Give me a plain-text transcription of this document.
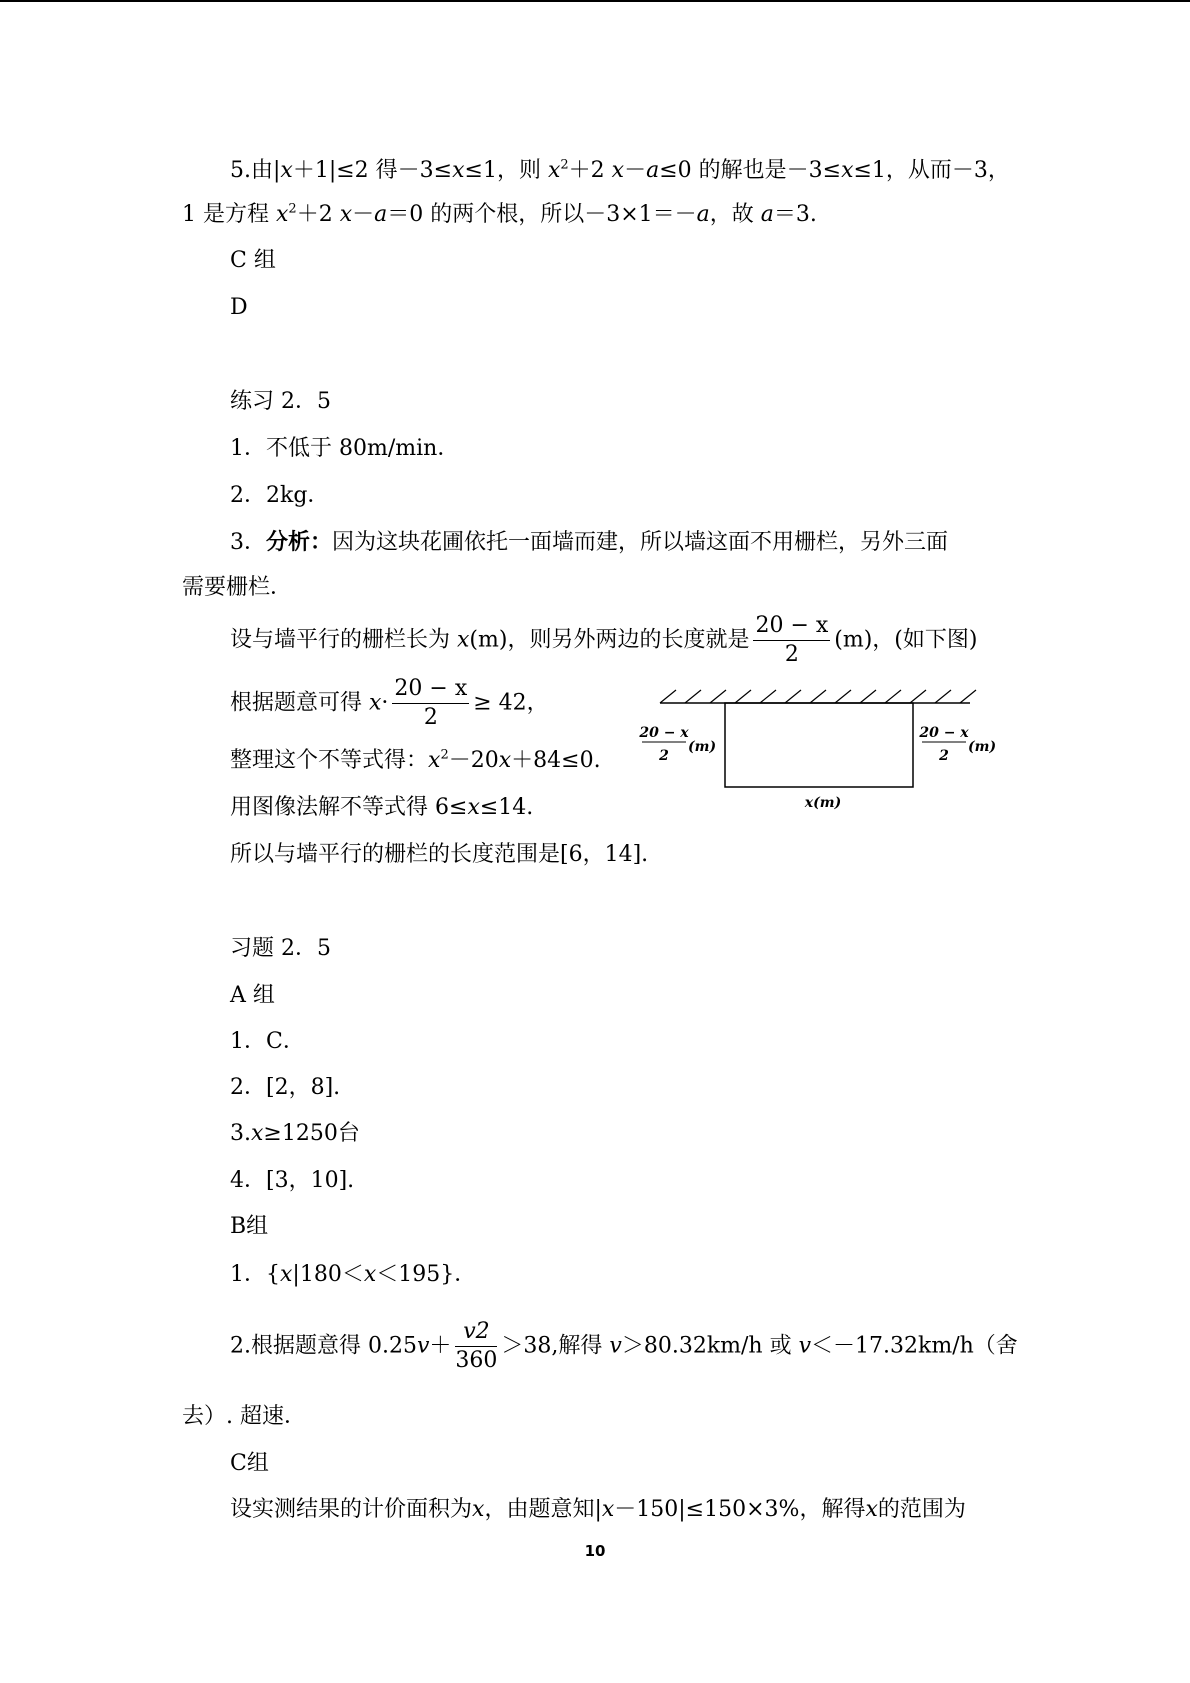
5.由|x＋1|≤2 得－3≤x≤1，则 $x^2+2$ x－a≤0 的解也是－3≤x≤1，从而－3，
1 是方程 $x^2+2$ x－a＝0 的两个根，所以－3×1＝－a，故 a＝3.
C 组
D
练习 2．5
1．不低于 80m/min．
2．2kg．
3．分析：因为这块花圃依托一面墙而建，所以墙这面不用栅栏，另外三面
需要栅栏．
设与墙平行的栅栏长为 x(m)，则另外两边的长度就是 $\frac{20 - x}{2} (m)$，(如下图)
根据题意可得 $x\cdot \frac{20 - x}{2} \ge 42$，
整理这个不等式得：$x^2-20x+84\le 0$.
用图像法解不等式得 6≤x≤14.
所以与墙平行的栅栏的长度范围是[6，14].
20 − x
2
(m)
20 − x
2
(m)
x(m)
习题 2．5
A 组
1．C．
2．[2，8].
3.x≥1250台
4．[3，10].
B组
1．{x|180＜x＜195}．
2.根据题意得 $0.25v+ \frac{v2}{360} >38$,解得 v＞80.32km/h 或 v＜－17.32km/h（舍
去）. 超速．
C组
设实测结果的计价面积为x，由题意知|x－150|≤150×3%，解得x的范围为
10
